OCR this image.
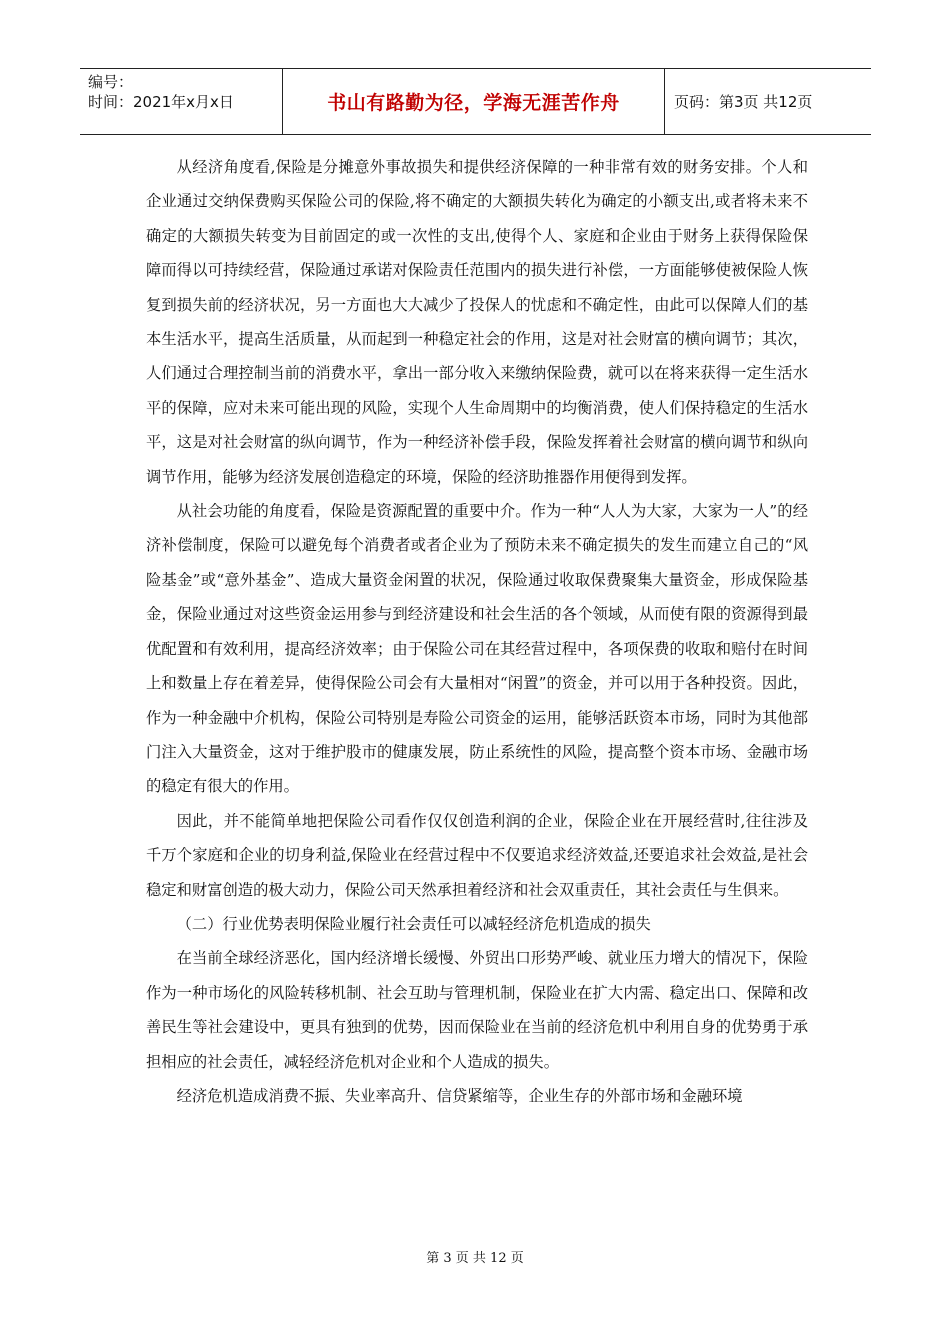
编号：
时间：2021年x月x日	书山有路勤为径，学海无涯苦作舟	页码：第3页 共12页

从经济角度看,保险是分摊意外事故损失和提供经济保障的一种非常有效的财务安排。个人和企业通过交纳保费购买保险公司的保险,将不确定的大额损失转化为确定的小额支出,或者将未来不确定的大额损失转变为目前固定的或一次性的支出,使得个人、家庭和企业由于财务上获得保险保障而得以可持续经营，保险通过承诺对保险责任范围内的损失进行补偿，一方面能够使被保险人恢复到损失前的经济状况，另一方面也大大减少了投保人的忧虑和不确定性，由此可以保障人们的基本生活水平，提高生活质量，从而起到一种稳定社会的作用，这是对社会财富的横向调节；其次，人们通过合理控制当前的消费水平，拿出一部分收入来缴纳保险费，就可以在将来获得一定生活水平的保障，应对未来可能出现的风险，实现个人生命周期中的均衡消费，使人们保持稳定的生活水平，这是对社会财富的纵向调节，作为一种经济补偿手段，保险发挥着社会财富的横向调节和纵向调节作用，能够为经济发展创造稳定的环境，保险的经济助推器作用便得到发挥。

从社会功能的角度看，保险是资源配置的重要中介。作为一种“人人为大家，大家为一人”的经济补偿制度，保险可以避免每个消费者或者企业为了预防未来不确定损失的发生而建立自己的“风险基金”或“意外基金”、造成大量资金闲置的状况，保险通过收取保费聚集大量资金，形成保险基金，保险业通过对这些资金运用参与到经济建设和社会生活的各个领域，从而使有限的资源得到最优配置和有效利用，提高经济效率；由于保险公司在其经营过程中，各项保费的收取和赔付在时间上和数量上存在着差异，使得保险公司会有大量相对“闲置”的资金，并可以用于各种投资。因此，作为一种金融中介机构，保险公司特别是寿险公司资金的运用，能够活跃资本市场，同时为其他部门注入大量资金，这对于维护股市的健康发展，防止系统性的风险，提高整个资本市场、金融市场的稳定有很大的作用。

因此，并不能简单地把保险公司看作仅仅创造利润的企业，保险企业在开展经营时,往往涉及千万个家庭和企业的切身利益,保险业在经营过程中不仅要追求经济效益,还要追求社会效益,是社会稳定和财富创造的极大动力，保险公司天然承担着经济和社会双重责任，其社会责任与生俱来。

（二）行业优势表明保险业履行社会责任可以减轻经济危机造成的损失

在当前全球经济恶化，国内经济增长缓慢、外贸出口形势严峻、就业压力增大的情况下，保险作为一种市场化的风险转移机制、社会互助与管理机制，保险业在扩大内需、稳定出口、保障和改善民生等社会建设中，更具有独到的优势，因而保险业在当前的经济危机中利用自身的优势勇于承担相应的社会责任，减轻经济危机对企业和个人造成的损失。

经济危机造成消费不振、失业率高升、信贷紧缩等，企业生存的外部市场和金融环境

第 3 页 共 12 页
